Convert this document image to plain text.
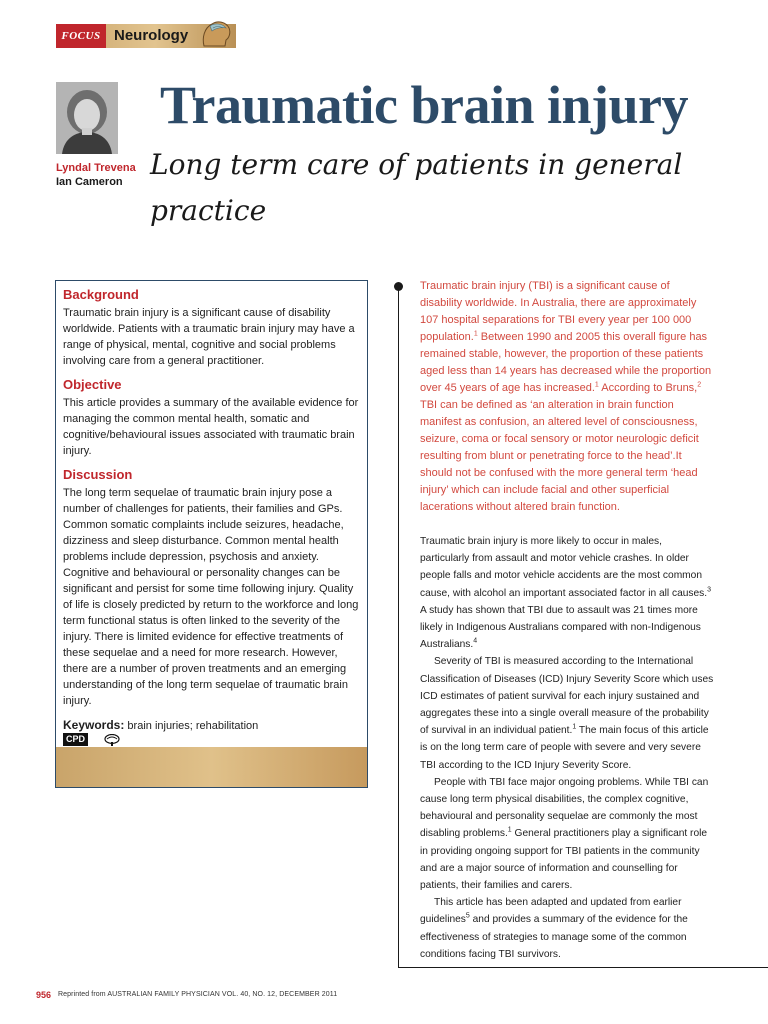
FOCUS Neurology
Lyndal Trevena
Ian Cameron
Traumatic brain injury
Long term care of patients in general practice
Background

Traumatic brain injury is a significant cause of disability worldwide. Patients with a traumatic brain injury may have a range of physical, mental, cognitive and social problems involving care from a general practitioner.

Objective

This article provides a summary of the available evidence for managing the common mental health, somatic and cognitive/behavioural issues associated with traumatic brain injury.

Discussion

The long term sequelae of traumatic brain injury pose a number of challenges for patients, their families and GPs. Common somatic complaints include seizures, headache, dizziness and sleep disturbance. Common mental health problems include depression, psychosis and anxiety. Cognitive and behavioural or personality changes can be significant and persist for some time following injury. Quality of life is closely predicted by return to the workforce and long term functional status is often linked to the severity of the injury. There is limited evidence for effective treatments of these sequelae and a need for more research. However, there are a number of proven treatments and an emerging understanding of the long term sequelae of traumatic brain injury.

Keywords: brain injuries; rehabilitation

CPD

Traumatic brain injury (TBI) is a significant cause of disability worldwide. In Australia, there are approximately 107 hospital separations for TBI every year per 100 000 population.$^1$ Between 1990 and 2005 this overall figure has remained stable, however, the proportion of these patients aged less than 14 years has decreased while the proportion over 45 years of age has increased.$^1$ According to Bruns,$^2$ TBI can be defined as ‘an alteration in brain function manifest as confusion, an altered level of consciousness, seizure, coma or focal sensory or motor neurologic deficit resulting from blunt or penetrating force to the head’.It should not be confused with the more general term ‘head injury’ which can include facial and other superficial lacerations without altered brain function.

Traumatic brain injury is more likely to occur in males, particularly from assault and motor vehicle crashes. In older people falls and motor vehicle accidents are the most common cause, with alcohol an important associated factor in all causes.$^3$ A study has shown that TBI due to assault was 21 times more likely in Indigenous Australians compared with non-Indigenous Australians.$^4$

Severity of TBI is measured according to the International Classification of Diseases (ICD) Injury Severity Score which uses ICD estimates of patient survival for each injury sustained and aggregates these into a single overall measure of the probability of survival in an individual patient.$^1$ The main focus of this article is on the long term care of people with severe and very severe TBI according to the ICD Injury Severity Score.

People with TBI face major ongoing problems. While TBI can cause long term physical disabilities, the complex cognitive, behavioural and personality sequelae are commonly the most disabling problems.$^1$ General practitioners play a significant role in providing ongoing support for TBI patients in the community and are a major source of information and counselling for patients, their families and carers.

This article has been adapted and updated from earlier guidelines$^5$ and provides a summary of the evidence for the effectiveness of strategies to manage some of the common conditions facing TBI survivors.

956 Reprinted from AUSTRALIAN FAMILY PHYSICIAN VOL. 40, NO. 12, DECEMBER 2011
